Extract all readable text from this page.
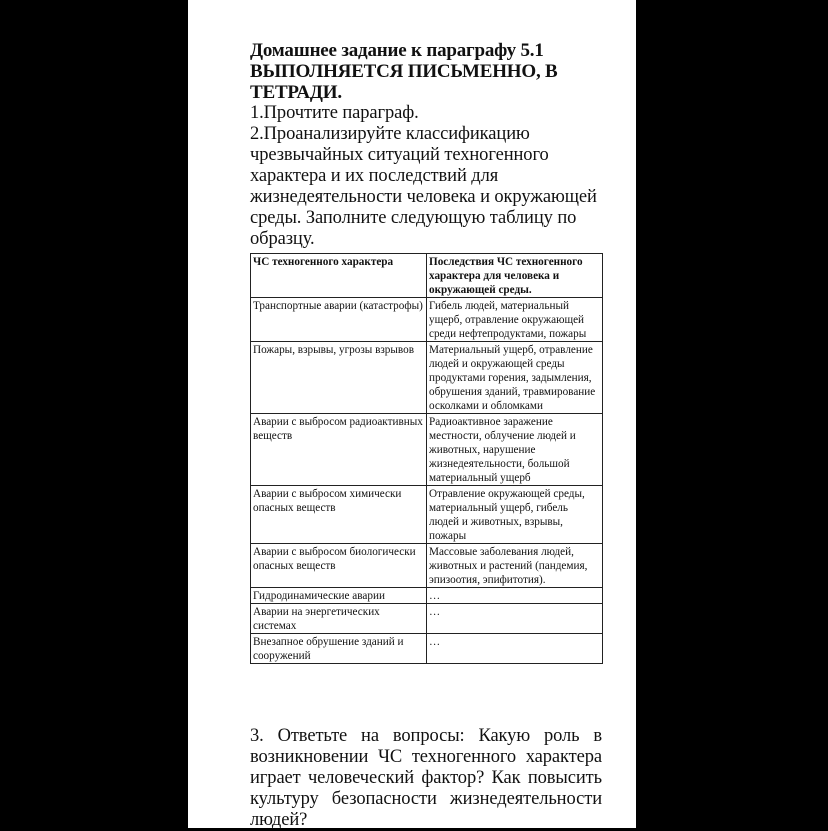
Домашнее задание к параграфу 5.1
ВЫПОЛНЯЕТСЯ ПИСЬМЕННО, В ТЕТРАДИ.

1.Прочтите параграф.

2.Проанализируйте классификацию чрезвычайных ситуаций техногенного характера и их последствий для жизнедеятельности человека и окружающей среды. Заполните следующую таблицу по образцу.

ЧС техногенного характера	Последствия ЧС техногенного характера для человека и окружающей среды.
Транспортные аварии (катастрофы)	Гибель людей, материальный ущерб, отравление окружающей среди нефтепродуктами, пожары
Пожары, взрывы, угрозы взрывов	Материальный ущерб, отравление людей и окружающей среды продуктами горения, задымления, обрушения зданий, травмирование осколками и обломками
Аварии с выбросом радиоактивных веществ	Радиоактивное заражение местности, облучение людей и животных, нарушение жизнедеятельности, большой материальный ущерб
Аварии с выбросом химически опасных веществ	Отравление окружающей среды, материальный ущерб, гибель людей и животных, взрывы, пожары
Аварии с выбросом биологически опасных веществ	Массовые заболевания людей, животных и растений (пандемия, эпизоотия, эпифитотия).
Гидродинамические аварии	…
Аварии на энергетических системах	…
Внезапное обрушение зданий и сооружений	…

3. Ответьте на вопросы: Какую роль в возникновении ЧС техногенного характера играет человеческий фактор? Как повысить культуру безопасности жизнедеятельности людей?
